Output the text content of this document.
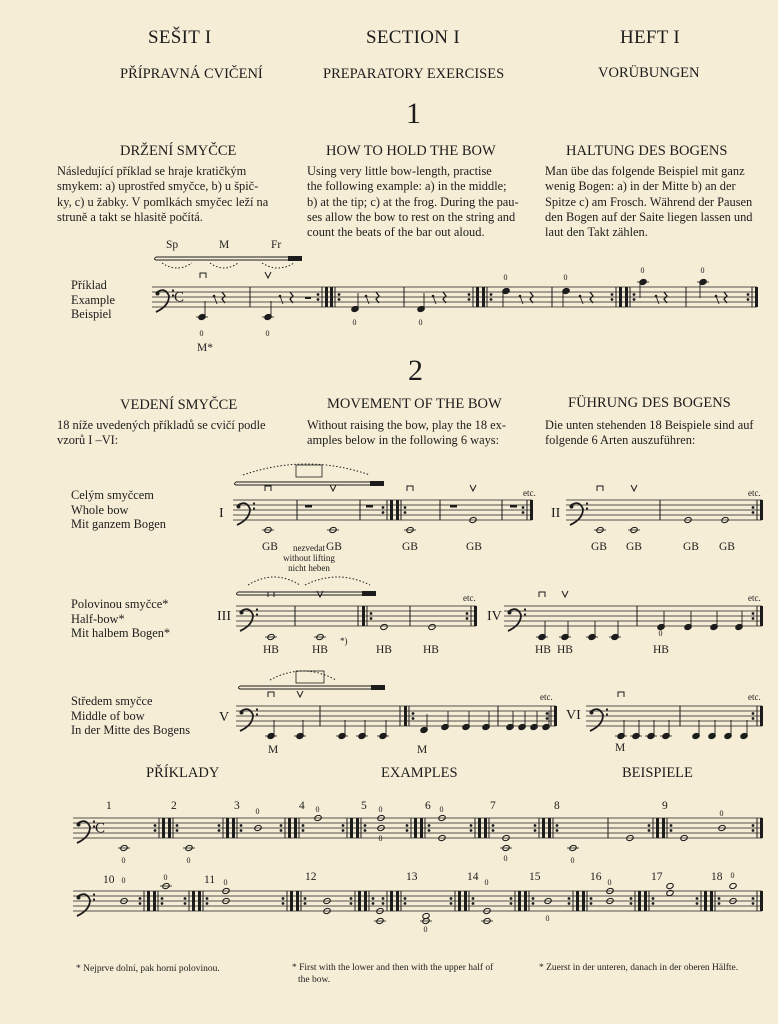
SEŠIT I	SECTION I	HEFT I
PŘÍPRAVNÁ CVIČENÍ	PREPARATORY EXERCISES	VORÜBUNGEN
1
DRŽENÍ SMYČCE	HOW TO HOLD THE BOW	HALTUNG DES BOGENS
Následující příklad se hraje kratičkým
smykem: a) uprostřed smyčce, b) u špič-
ky, c) u žabky. V pomlkách smyčec leží na
struně a takt se hlasitě počítá.
Using very little bow-length, practise
the following example: a) in the middle;
b) at the tip; c) at the frog. During the pau-
ses allow the bow to rest on the string and
count the beats of the bar out aloud.
Man übe das folgende Beispiel mit ganz
wenig Bogen: a) in der Mitte b) an der
Spitze c) am Frosch. Während der Pausen
den Bogen auf der Saite liegen lassen und
laut den Takt zählen.
Příklad
Example
Beispiel
Sp	M	Fr
M*
2
VEDENÍ SMYČCE	MOVEMENT OF THE BOW	FÜHRUNG DES BOGENS
18 níže uvedených příkladů se cvičí podle
vzorů I –VI:
Without raising the bow, play the 18 ex-
amples below in the following 6 ways:
Die unten stehenden 18 Beispiele sind auf
folgende 6 Arten auszuführen:
Celým smyčcem
Whole bow
Mit ganzem Bogen
Polovinou smyčce*
Half-bow*
Mit halbem Bogen*
Středem smyčce
Middle of bow
In der Mitte des Bogens
I	II
III	IV
V	VI
GB	GB	GB	GB	GB GB	GB GB
nezvedat
without lifting
nicht heben
HB	HB
*)
HB	HB	HB HB	HB
M	M	M
etc.	etc.
etc.	etc.
etc.	etc.
PŘÍKLADY	EXAMPLES	BEISPIELE
1	2	3	4	5	6	7	8	9
10	11	12	13	14	15	16	17	18
* Nejprve dolní, pak horní polovinou.	* First with the lower and then with the upper half of
the bow.
* Zuerst in der unteren, danach in der oberen Hälfte.
C
0	0
0	0
0	0
0	0
0
C
0	0
0	0	0
0
0
0	0
0
0	0
0
0
0
0
0
0
